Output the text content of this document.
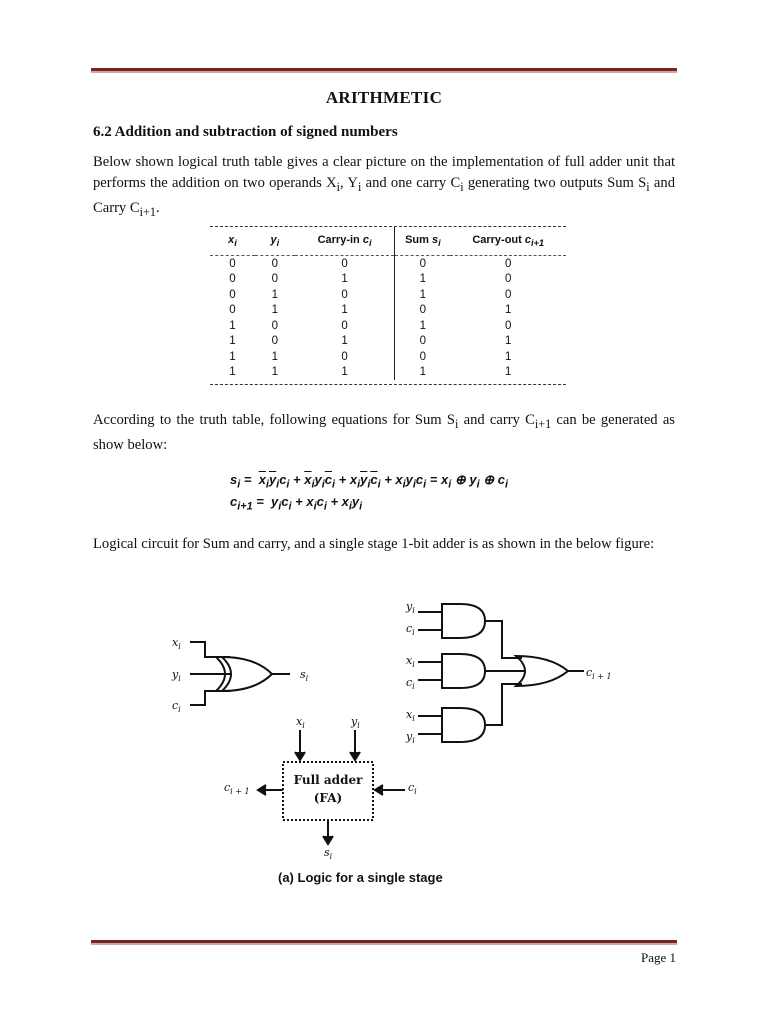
ARITHMETIC
6.2 Addition and subtraction of signed numbers
Below shown logical truth table gives a clear picture on the implementation of full adder unit that performs the addition on two operands $X_i$, $Y_i$ and one carry $C_i$ generating two outputs Sum $S_i$ and Carry $C_{i+1}$.
$x_i$	$y_i$	Carry-in $c_i$	Sum $s_i$	Carry-out $c_{i+1}$
0	0	0	0	0
0	0	1	1	0
0	1	0	1	0
0	1	1	0	1
1	0	0	1	0
1	0	1	0	1
1	1	0	0	1
1	1	1	1	1
According to the truth table, following equations for Sum $S_i$ and carry $C_{i+1}$ can be generated as show below:
$s_i = \overline{x}_i\overline{y}_ic_i + \overline{x}_iy_i\overline{c}_i + x_i\overline{y}_i\overline{c}_i + x_iy_ic_i = x_i$ ⊕ $y_i$ ⊕ $c_i$
$c_{i+1} = y_ic_i + x_ic_i + x_iy_i$
Logical circuit for Sum and carry, and a single stage 1-bit adder is as shown in the below figure:
$x_i$
$y_i$
$c_i$
$s_i$
$y_i$
$c_i$
$x_i$
$c_i$
$x_i$
$y_i$
$c_{i + 1}$
$x_i$	$y_i$
$c_{i + 1}$	$c_i$
$s_i$
Full adder
(FA)
(a) Logic for a single stage
Page 1
